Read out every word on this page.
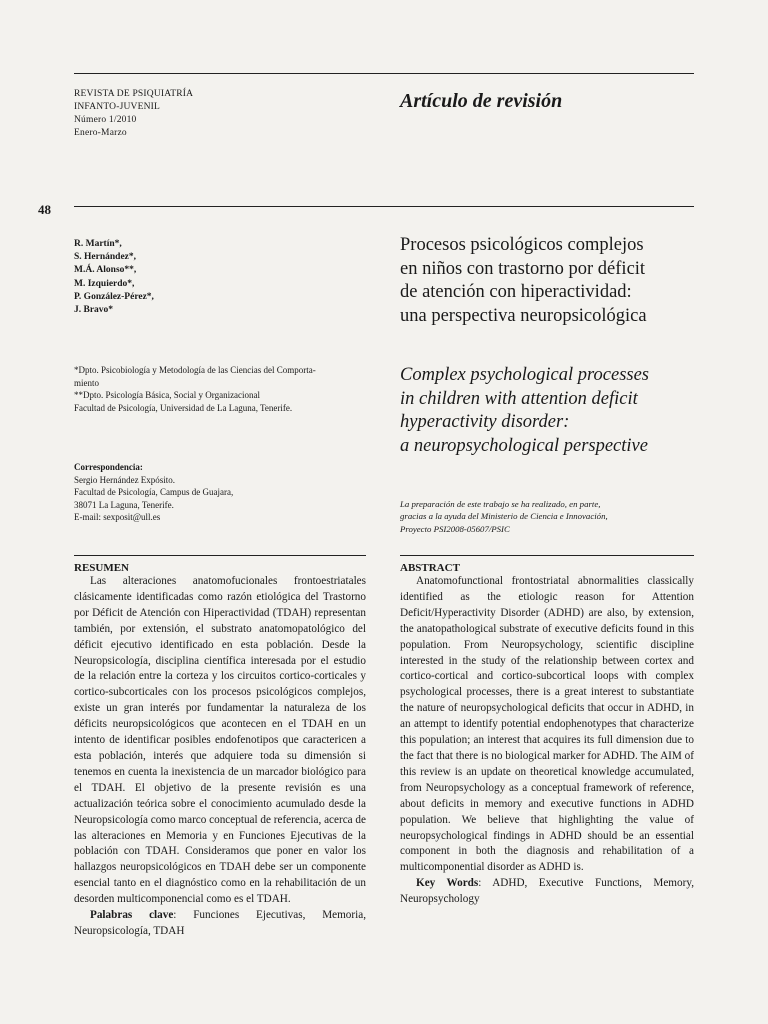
REVISTA DE PSIQUIATRÍA
INFANTO-JUVENIL
Número 1/2010
Enero-Marzo
Artículo de revisión
48
R. Martín*,
S. Hernández*,
M.Á. Alonso**,
M. Izquierdo*,
P. González-Pérez*,
J. Bravo*
Procesos psicológicos complejos
en niños con trastorno por déficit
de atención con hiperactividad:
una perspectiva neuropsicológica
*Dpto. Psicobiología y Metodología de las Ciencias del Comporta-
miento
**Dpto. Psicología Básica, Social y Organizacional
Facultad de Psicología, Universidad de La Laguna, Tenerife.
Complex psychological processes
in children with attention deficit
hyperactivity disorder:
a neuropsychological perspective
Correspondencia:
Sergio Hernández Expósito.
Facultad de Psicología, Campus de Guajara,
38071 La Laguna, Tenerife.
E-mail: sexposit@ull.es
La preparación de este trabajo se ha realizado, en parte,
gracias a la ayuda del Ministerio de Ciencia e Innovación,
Proyecto PSI2008-05607/PSIC
RESUMEN

Las alteraciones anatomofucionales frontoestriatales clásicamente identificadas como razón etiológica del Trastorno por Déficit de Atención con Hiperactividad (TDAH) representan también, por extensión, el substrato anatomopatológico del déficit ejecutivo identificado en esta población. Desde la Neuropsicología, disciplina científica interesada por el estudio de la relación entre la corteza y los circuitos cortico-corticales y cortico-subcorticales con los procesos psicológicos complejos, existe un gran interés por fundamentar la naturaleza de los déficits neuropsicológicos que acontecen en el TDAH en un intento de identificar posibles endofenotipos que caractericen a esta población, interés que adquiere toda su dimensión si tenemos en cuenta la inexistencia de un marcador biológico para el TDAH. El objetivo de la presente revisión es una actualización teórica sobre el conocimiento acumulado desde la Neuropsicología como marco conceptual de referencia, acerca de las alteraciones en Memoria y en Funciones Ejecutivas de la población con TDAH. Consideramos que poner en valor los hallazgos neuropsicológicos en TDAH debe ser un componente esencial tanto en el diagnóstico como en la rehabilitación de un desorden multicomponencial como es el TDAH.

Palabras clave: Funciones Ejecutivas, Memoria, Neuropsicología, TDAH

ABSTRACT

Anatomofunctional frontostriatal abnormalities classically identified as the etiologic reason for Attention Deficit/Hyperactivity Disorder (ADHD) are also, by extension, the anatopathological substrate of executive deficits found in this population. From Neuropsychology, scientific discipline interested in the study of the relationship between cortex and cortico-cortical and cortico-subcortical loops with complex psychological processes, there is a great interest to substantiate the nature of neuropsychological deficits that occur in ADHD, in an attempt to identify potential endophenotypes that characterize this population; an interest that acquires its full dimension due to the fact that there is no biological marker for ADHD. The AIM of this review is an update on theoretical knowledge accumulated, from Neuropsychology as a conceptual framework of reference, about deficits in memory and executive functions in ADHD population. We believe that highlighting the value of neuropsychological findings in ADHD should be an essential component in both the diagnosis and rehabilitation of a multicomponential disorder as ADHD is.

Key Words: ADHD, Executive Functions, Memory, Neuropsychology
